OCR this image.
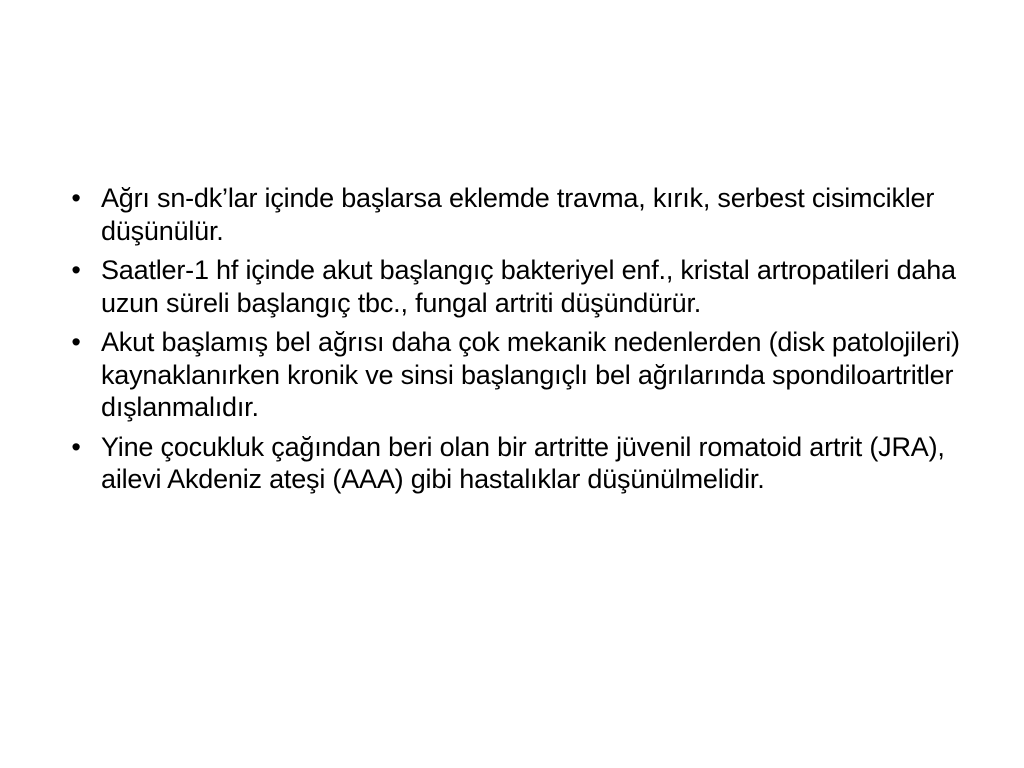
• Ağrı sn-dk’lar içinde başlarsa eklemde travma, kırık, serbest cisimcikler düşünülür.
• Saatler-1 hf içinde akut başlangıç bakteriyel enf., kristal artropatileri daha uzun süreli başlangıç tbc., fungal artriti düşündürür.
• Akut başlamış bel ağrısı daha çok mekanik nedenlerden (disk patolojileri) kaynaklanırken kronik ve sinsi başlangıçlı bel ağrılarında spondiloartritler dışlanmalıdır.
• Yine çocukluk çağından beri olan bir artritte jüvenil romatoid artrit (JRA), ailevi Akdeniz ateşi (AAA) gibi hastalıklar düşünülmelidir.
